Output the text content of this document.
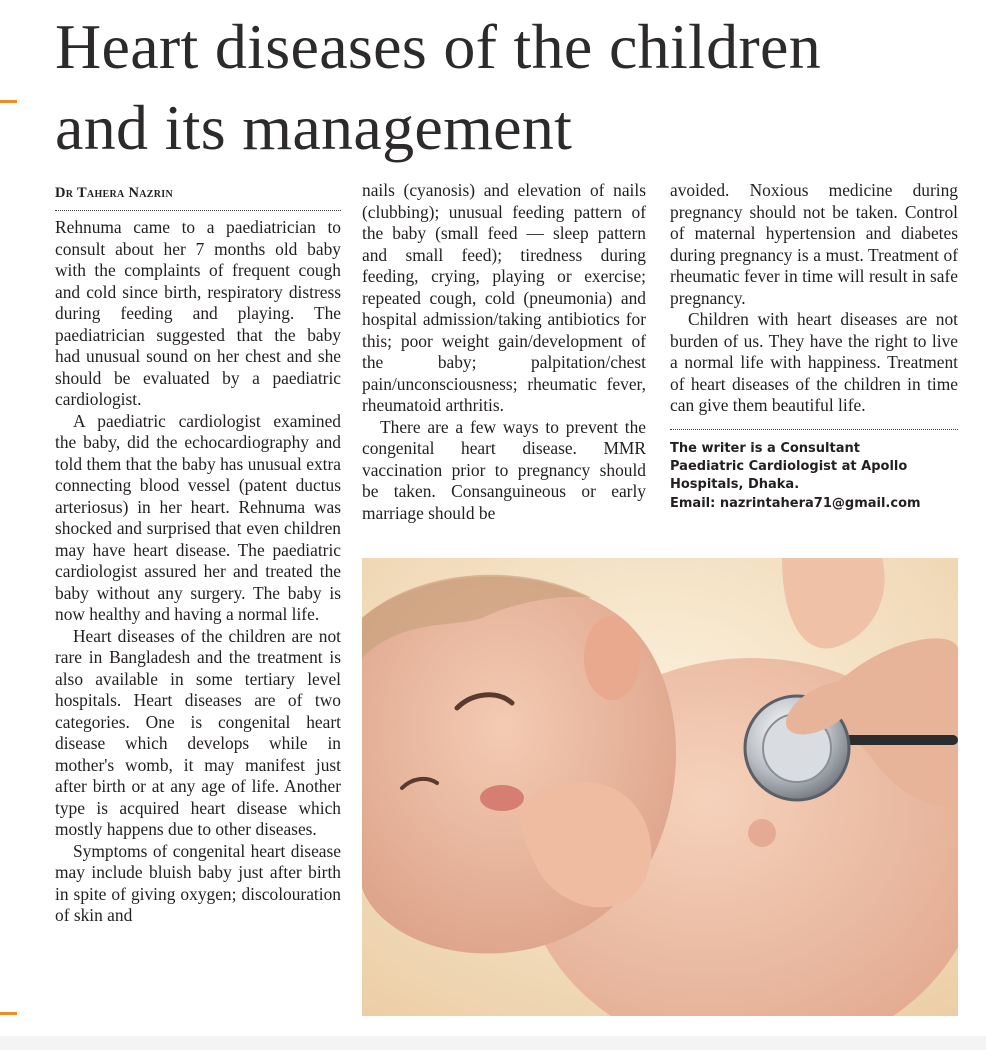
Heart diseases of the children
and its management
Dr Tahera Nazrin

Rehnuma came to a paediatrician to consult about her 7 months old baby with the complaints of frequent cough and cold since birth, respiratory distress during feeding and playing. The paediatrician suggested that the baby had unusual sound on her chest and she should be evaluated by a paediatric cardiologist.

A paediatric cardiologist examined the baby, did the echocardiography and told them that the baby has unusual extra connecting blood vessel (patent ductus arteriosus) in her heart. Rehnuma was shocked and surprised that even children may have heart disease. The paediatric cardiologist assured her and treated the baby without any surgery. The baby is now healthy and having a normal life.

Heart diseases of the children are not rare in Bangladesh and the treatment is also available in some tertiary level hospitals. Heart diseases are of two categories. One is congenital heart disease which develops while in mother's womb, it may manifest just after birth or at any age of life. Another type is acquired heart disease which mostly happens due to other diseases.

Symptoms of congenital heart disease may include bluish baby just after birth in spite of giving oxygen; discolouration of skin and

nails (cyanosis) and elevation of nails (clubbing); unusual feeding pattern of the baby (small feed — sleep pattern and small feed); tiredness during feeding, crying, playing or exercise; repeated cough, cold (pneumonia) and hospital admission/taking antibiotics for this; poor weight gain/development of the baby; palpitation/chest pain/unconsciousness; rheumatic fever, rheumatoid arthritis.

There are a few ways to prevent the congenital heart disease. MMR vaccination prior to pregnancy should be taken. Consanguineous or early marriage should be

avoided. Noxious medicine during pregnancy should not be taken. Control of maternal hypertension and diabetes during pregnancy is a must. Treatment of rheumatic fever in time will result in safe pregnancy.

Children with heart diseases are not burden of us. They have the right to live a normal life with happiness. Treatment of heart diseases of the children in time can give them beautiful life.

The writer is a Consultant
Paediatric Cardiologist at Apollo
Hospitals, Dhaka.
Email: nazrintahera71@gmail.com
